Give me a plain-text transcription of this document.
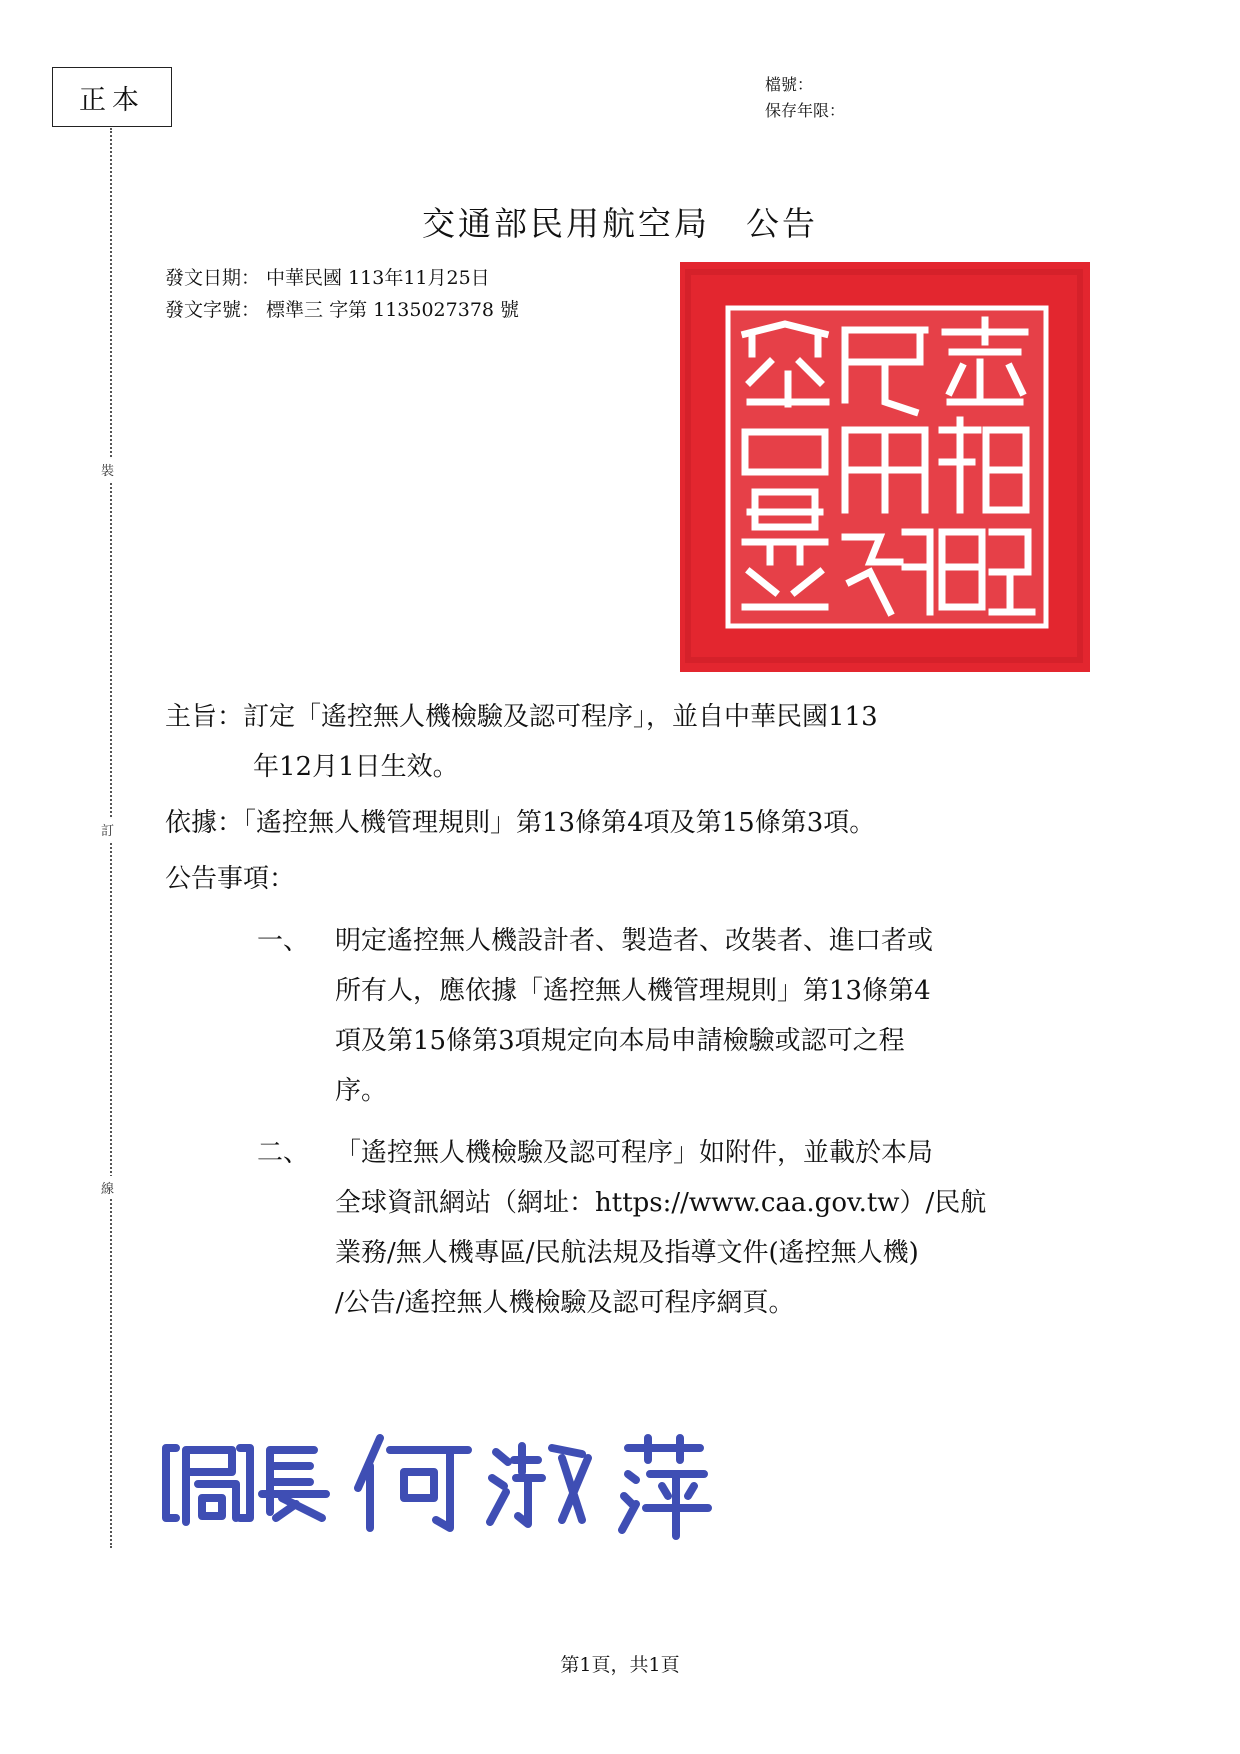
正本
裝
訂
線
檔號：
保存年限：
交通部民用航空局 公告
發文日期： 中華民國 113年11月25日
發文字號： 標準三 字第 1135027378 號
主旨：訂定「遙控無人機檢驗及認可程序」，並自中華民國113
年12月1日生效。
依據：「遙控無人機管理規則」第13條第4項及第15條第3項。
公告事項：
一、 明定遙控無人機設計者、製造者、改裝者、進口者或
所有人，應依據「遙控無人機管理規則」第13條第4
項及第15條第3項規定向本局申請檢驗或認可之程
序。
二、 「遙控無人機檢驗及認可程序」如附件，並載於本局
全球資訊網站（網址：https://www.caa.gov.tw）/民航
業務/無人機專區/民航法規及指導文件(遙控無人機)
/公告/遙控無人機檢驗及認可程序網頁。
第1頁，共1頁
